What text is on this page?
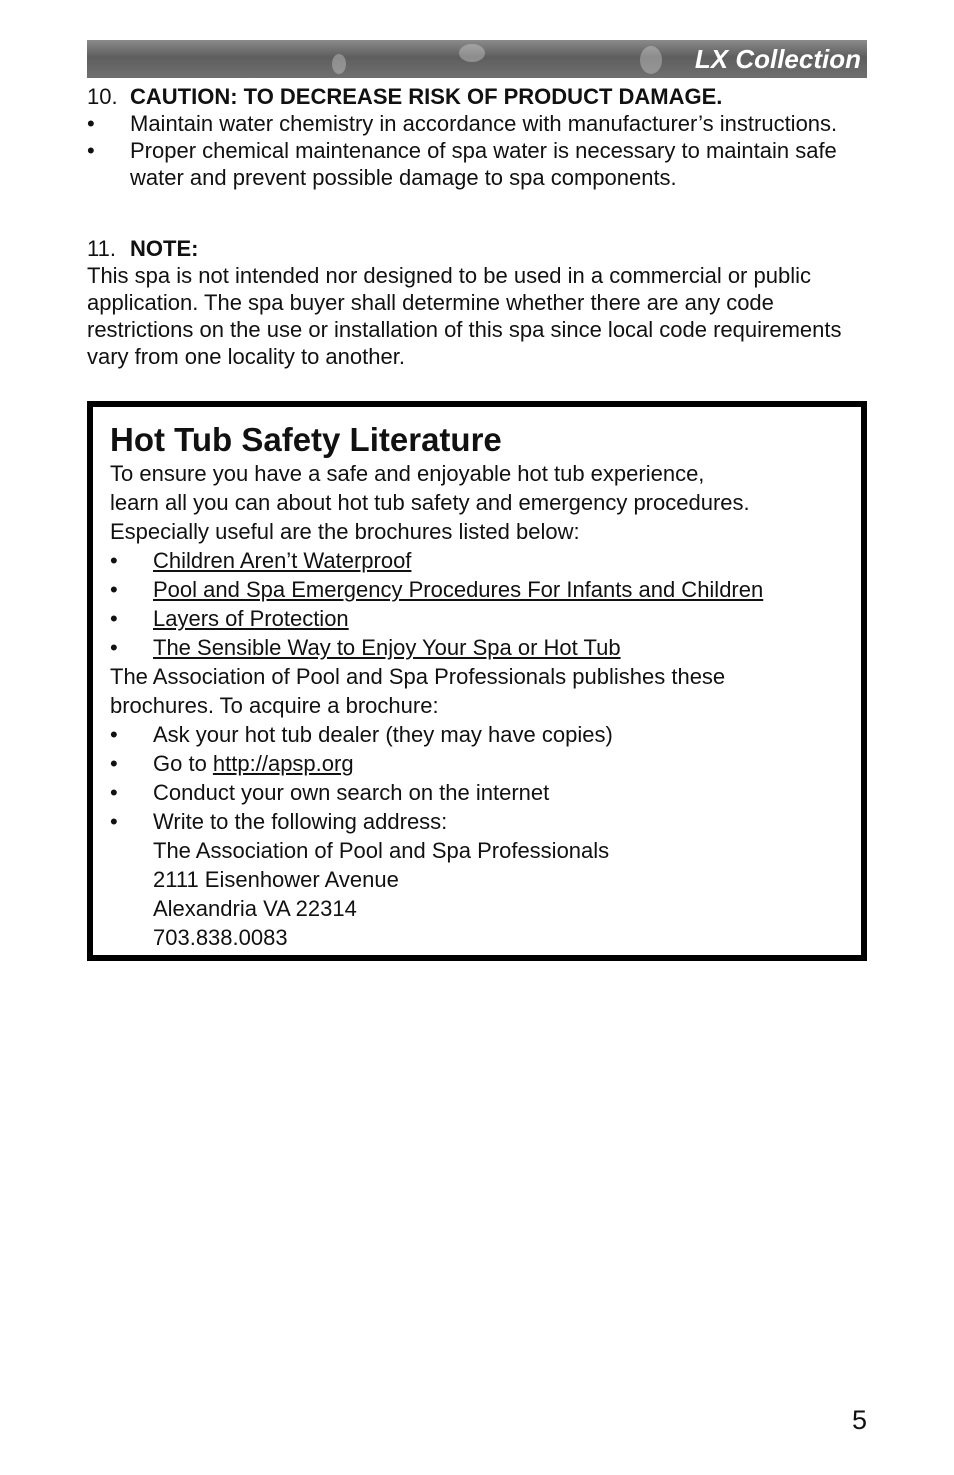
LX Collection
10. CAUTION: TO DECREASE RISK OF PRODUCT DAMAGE.
• Maintain water chemistry in accordance with manufacturer’s instructions.
• Proper chemical maintenance of spa water is necessary to maintain safe water and prevent possible damage to spa components.
11. NOTE:

This spa is not intended nor designed to be used in a commercial or public application. The spa buyer shall determine whether there are any code restrictions on the use or installation of this spa since local code requirements vary from one locality to another.

Hot Tub Safety Literature

To ensure you have a safe and enjoyable hot tub experience,

learn all you can about hot tub safety and emergency procedures.

Especially useful are the brochures listed below:

• Children Aren’t Waterproof
• Pool and Spa Emergency Procedures For Infants and Children
• Layers of Protection
• The Sensible Way to Enjoy Your Spa or Hot Tub

The Association of Pool and Spa Professionals publishes these

brochures. To acquire a brochure:

• Ask your hot tub dealer (they may have copies)
• Go to http://apsp.org
• Conduct your own search on the internet
• Write to the following address:

The Association of Pool and Spa Professionals

2111 Eisenhower Avenue

Alexandria VA 22314

703.838.0083

5
